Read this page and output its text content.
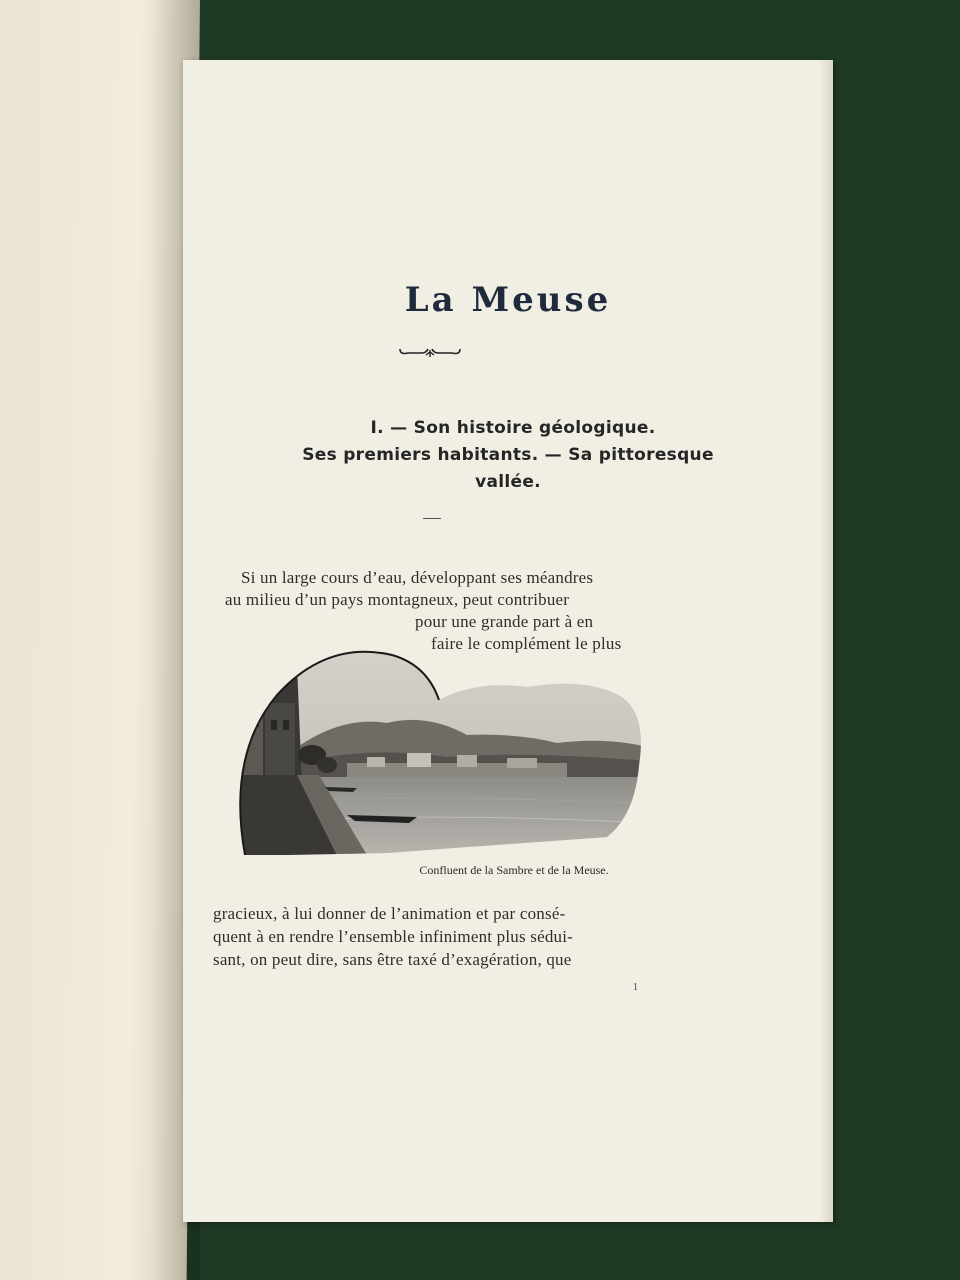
La Meuse
I. — Son histoire géologique.
Ses premiers habitants. — Sa pittoresque
vallée.
Si un large cours d’eau, développant ses méandres
au milieu d’un pays montagneux, peut contribuer
pour une grande part à en
faire le complément le plus
Confluent de la Sambre et de la Meuse.
gracieux, à lui donner de l’animation et par consé-
quent à en rendre l’ensemble infiniment plus sédui-
sant, on peut dire, sans être taxé d’exagération, que
1
